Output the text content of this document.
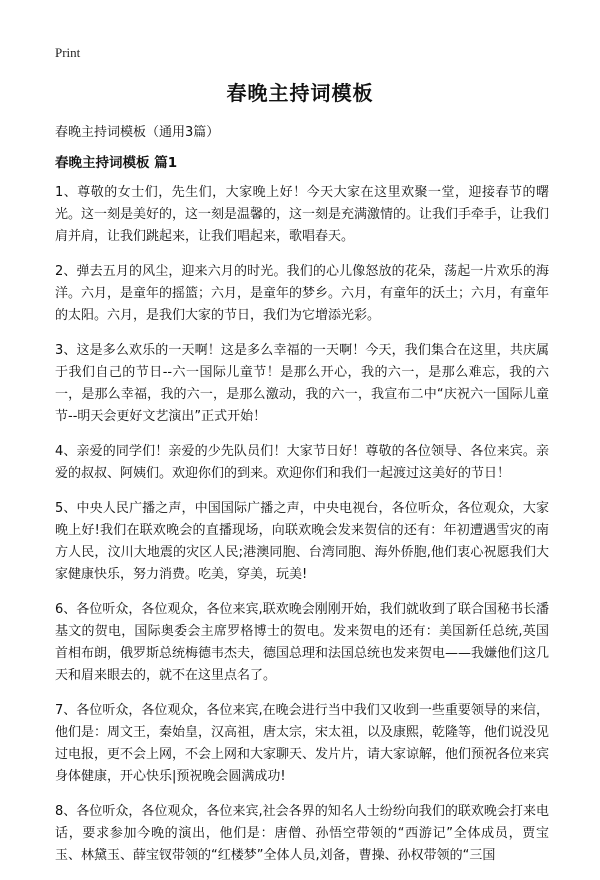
Print
春晚主持词模板
春晚主持词模板（通用3篇）
春晚主持词模板 篇1

1、尊敬的女士们，先生们，大家晚上好！今天大家在这里欢聚一堂，迎接春节的曙光。这一刻是美好的，这一刻是温馨的，这一刻是充满激情的。让我们手牵手，让我们肩并肩，让我们跳起来，让我们唱起来，歌唱春天。

2、弹去五月的风尘，迎来六月的时光。我们的心儿像怒放的花朵，荡起一片欢乐的海洋。六月，是童年的摇篮；六月，是童年的梦乡。六月，有童年的沃土；六月，有童年的太阳。六月，是我们大家的节日，我们为它增添光彩。

3、这是多么欢乐的一天啊！这是多么幸福的一天啊！今天，我们集合在这里，共庆属于我们自己的节日--六一国际儿童节！是那么开心，我的六一，是那么难忘，我的六一，是那么幸福，我的六一，是那么激动，我的六一，我宣布二中“庆祝六一国际儿童节--明天会更好文艺演出”正式开始！

4、亲爱的同学们！亲爱的少先队员们！大家节日好！尊敬的各位领导、各位来宾。亲爱的叔叔、阿姨们。欢迎你们的到来。欢迎你们和我们一起渡过这美好的节日！

5、中央人民广播之声，中国国际广播之声，中央电视台，各位听众，各位观众，大家晚上好!我们在联欢晚会的直播现场，向联欢晚会发来贺信的还有：年初遭遇雪灾的南方人民，汶川大地震的灾区人民;港澳同胞、台湾同胞、海外侨胞,他们衷心祝愿我们大家健康快乐，努力消费。吃美，穿美，玩美!

6、各位听众，各位观众，各位来宾,联欢晚会刚刚开始，我们就收到了联合国秘书长潘基文的贺电，国际奥委会主席罗格博士的贺电。发来贺电的还有：美国新任总统,英国首相布朗，俄罗斯总统梅德韦杰夫，德国总理和法国总统也发来贺电——我嫌他们这几天和眉来眼去的，就不在这里点名了。

7、各位听众，各位观众，各位来宾,在晚会进行当中我们又收到一些重要领导的来信，他们是：周文王，秦始皇，汉高祖，唐太宗，宋太祖，以及康熙，乾隆等，他们说没见过电报，更不会上网，不会上网和大家聊天、发片片，请大家谅解，他们预祝各位来宾身体健康，开心快乐|预祝晚会圆满成功!

8、各位听众，各位观众，各位来宾,社会各界的知名人士纷纷向我们的联欢晚会打来电话，要求参加今晚的演出，他们是：唐僧、孙悟空带领的“西游记”全体成员，贾宝玉、林黛玉、薛宝钗带领的“红楼梦”全体人员,刘备，曹操、孙权带领的“三国
